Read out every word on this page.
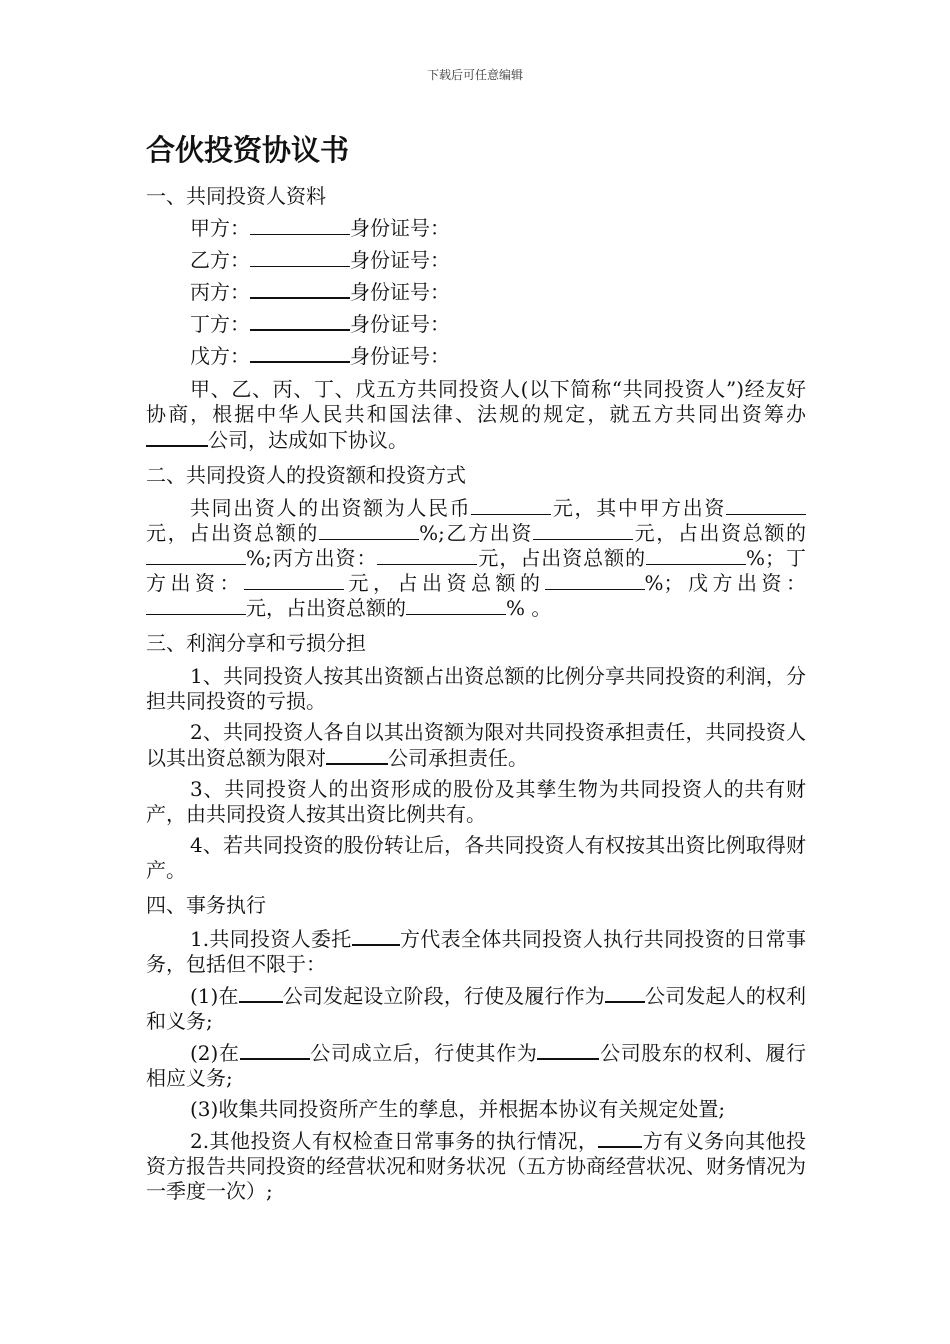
下载后可任意编辑
合伙投资协议书

一、共同投资人资料

甲方：	身份证号：

乙方：	身份证号：

丙方：	身份证号：

丁方：	身份证号：

戊方：	身份证号：

甲、乙、丙、丁、戊五方共同投资人(以下简称“共同投资人”)经友好协商，根据中华人民共和国法律、法规的规定，就五方共同出资筹办公司，达成如下协议。

二、共同投资人的投资额和投资方式

共同出资人的出资额为人民币	元，其中甲方出资元，占出资总额的	%;乙方出资	元，占出资总额的%;丙方出资：	元，占出资总额的	%；丁方出资：	元，占出资总额的	%；戊方出资：元，占出资总额的	% 。

三、利润分享和亏损分担

1、共同投资人按其出资额占出资总额的比例分享共同投资的利润，分担共同投资的亏损。

2、共同投资人各自以其出资额为限对共同投资承担责任，共同投资人以其出资总额为限对	公司承担责任。

3、共同投资人的出资形成的股份及其孳生物为共同投资人的共有财产，由共同投资人按其出资比例共有。

4、若共同投资的股份转让后，各共同投资人有权按其出资比例取得财产。

四、事务执行

1.共同投资人委托 方代表全体共同投资人执行共同投资的日常事务，包括但不限于：

(1)在 公司发起设立阶段，行使及履行作为 公司发起人的权利和义务;

(2)在	公司成立后，行使其作为	公司股东的权利、履行相应义务;

(3)收集共同投资所产生的孳息，并根据本协议有关规定处置;

2.其他投资人有权检查日常事务的执行情况， 方有义务向其他投资方报告共同投资的经营状况和财务状况（五方协商经营状况、财务情况为一季度一次）;
